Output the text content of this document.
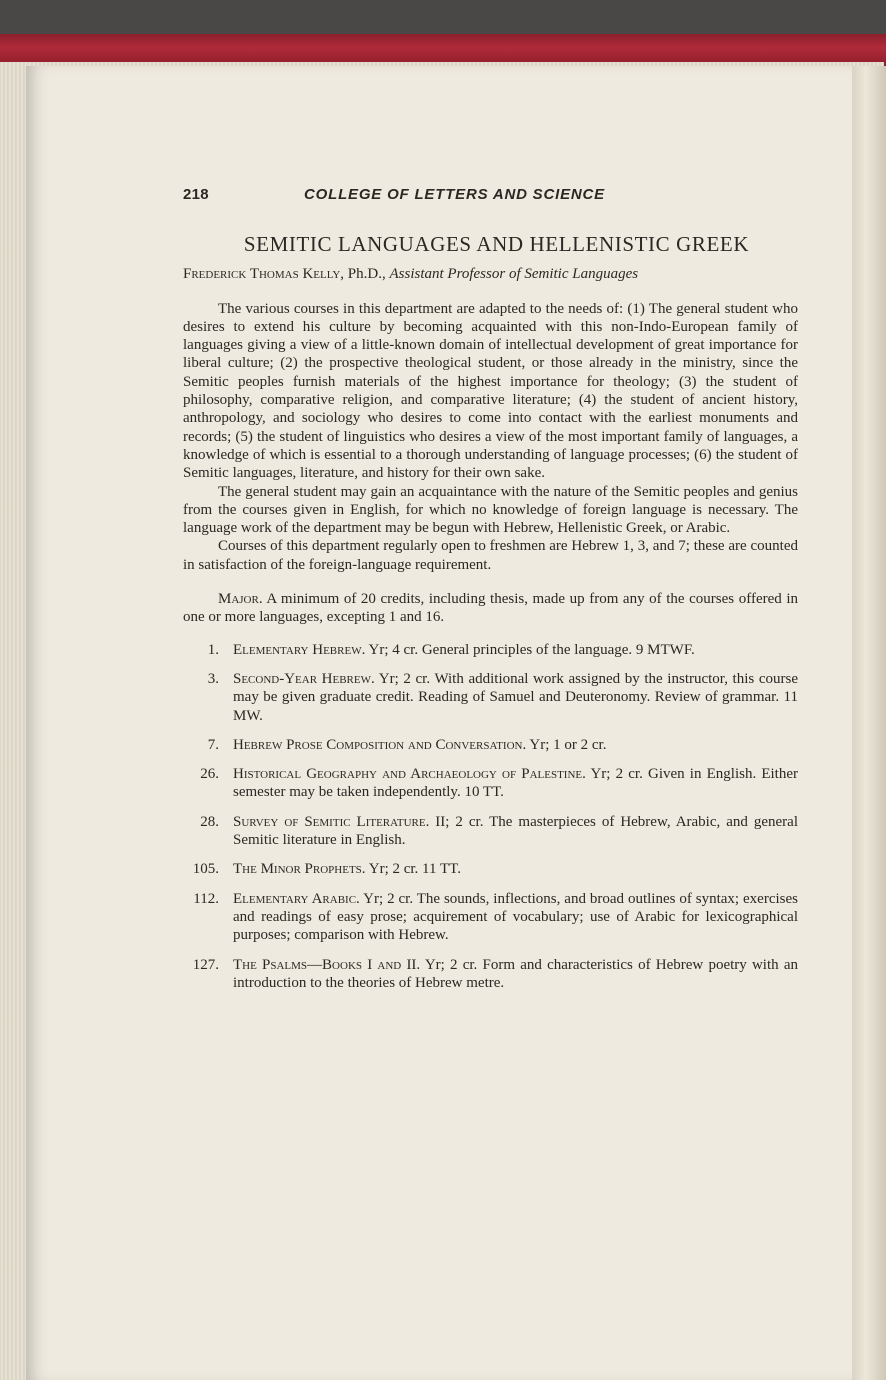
218	COLLEGE OF LETTERS AND SCIENCE
SEMITIC LANGUAGES AND HELLENISTIC GREEK
Frederick Thomas Kelly, Ph.D., Assistant Professor of Semitic Languages

The various courses in this department are adapted to the needs of: (1) The general student who desires to extend his culture by becoming acquainted with this non-Indo-European family of languages giving a view of a little-known domain of intellectual development of great importance for liberal culture; (2) the prospective theological student, or those already in the ministry, since the Semitic peoples furnish materials of the highest importance for theology; (3) the student of philosophy, comparative religion, and comparative literature; (4) the student of ancient history, anthropology, and sociology who desires to come into contact with the earliest monuments and records; (5) the student of linguistics who desires a view of the most important family of languages, a knowledge of which is essential to a thorough understanding of language processes; (6) the student of Semitic languages, literature, and history for their own sake.

The general student may gain an acquaintance with the nature of the Semitic peoples and genius from the courses given in English, for which no knowledge of foreign language is necessary. The language work of the department may be begun with Hebrew, Hellenistic Greek, or Arabic.

Courses of this department regularly open to freshmen are Hebrew 1, 3, and 7; these are counted in satisfaction of the foreign-language requirement.

Major. A minimum of 20 credits, including thesis, made up from any of the courses offered in one or more languages, excepting 1 and 16.

1. Elementary Hebrew. Yr; 4 cr. General principles of the language. 9 MTWF.
3. Second-Year Hebrew. Yr; 2 cr. With additional work assigned by the instructor, this course may be given graduate credit. Reading of Samuel and Deuteronomy. Review of grammar. 11 MW.
7. Hebrew Prose Composition and Conversation. Yr; 1 or 2 cr.
26. Historical Geography and Archaeology of Palestine. Yr; 2 cr. Given in English. Either semester may be taken independently. 10 TT.
28. Survey of Semitic Literature. II; 2 cr. The masterpieces of Hebrew, Arabic, and general Semitic literature in English.
105. The Minor Prophets. Yr; 2 cr. 11 TT.
112. Elementary Arabic. Yr; 2 cr. The sounds, inflections, and broad outlines of syntax; exercises and readings of easy prose; acquirement of vocabulary; use of Arabic for lexicographical purposes; comparison with Hebrew.
127. The Psalms—Books I and II. Yr; 2 cr. Form and characteristics of Hebrew poetry with an introduction to the theories of Hebrew metre.
